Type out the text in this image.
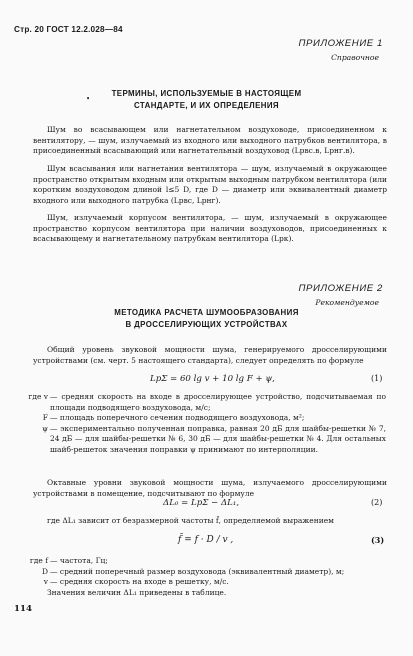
Стр. 20 ГОСТ 12.2.028—84
ПРИЛОЖЕНИЕ 1
Справочное
•
ТЕРМИНЫ, ИСПОЛЬЗУЕМЫЕ В НАСТОЯЩЕМ
СТАНДАРТЕ, И ИХ ОПРЕДЕЛЕНИЯ
Шум во всасывающем или нагнетательном воздуховоде, присоединенном к вентилятору, — шум, излучаемый из входного или выходного патрубков вентилятора, в присоединенный всасывающий или нагнетательный воздуховод (Lрвс.в, Lрнг.в).
Шум всасывания или нагнетания вентилятора — шум, излучаемый в окружающее пространство открытым входным или открытым выходным патрубком вентилятора (или коротким воздуховодом длиной l≤5 D, где D — диаметр или эквивалентный диаметр входного или выходного патрубка (Lрвс, Lрнг).
Шум, излучаемый корпусом вентилятора, — шум, излучаемый в окружающее пространство корпусом вентилятора при наличии воздуховодов, присоединенных к всасывающему и нагнетательному патрубкам вентилятора (Lрк).
ПРИЛОЖЕНИЕ 2
Рекомендуемое
МЕТОДИКА РАСЧЕТА ШУМООБРАЗОВАНИЯ
В ДРОССЕЛИРУЮЩИХ УСТРОЙСТВАХ
Общий уровень звуковой мощности шума, генерируемого дросселирующими устройствами (см. черт. 5 настоящего стандарта), следует определять по формуле
LpΣ = 60 lg v + 10 lg F + ψ,	(1)
где v — средняя скорость на входе в дросселирующее устройство, подсчитываемая по площади подводящего воздуховода, м/с;
F — площадь поперечного сечения подводящего воздуховода, м²;
ψ — экспериментально полученная поправка, равная 20 дБ для шайбы-решетки № 7, 24 дБ — для шайбы-решетки № 6, 30 дБ — для шайбы-решетки № 4. Для остальных шайб-решеток значения поправки ψ принимают по интерполяции.
Октавные уровни звуковой мощности шума, излучаемого дросселирующими устройствами в помещение, подсчитывают по формуле
ΔL₀ = LpΣ − ΔL₁,	(2)
где ΔL₁ зависит от безразмерной частоты f̄, определяемой выражением
f̄ = f · D / v ,	(3)
где f — частота, Гц;
D — средний поперечный размер воздуховода (эквивалентный диаметр), м;
v — средняя скорость на входе в решетку, м/с.
Значения величин ΔL₁ приведены в таблице.
114
